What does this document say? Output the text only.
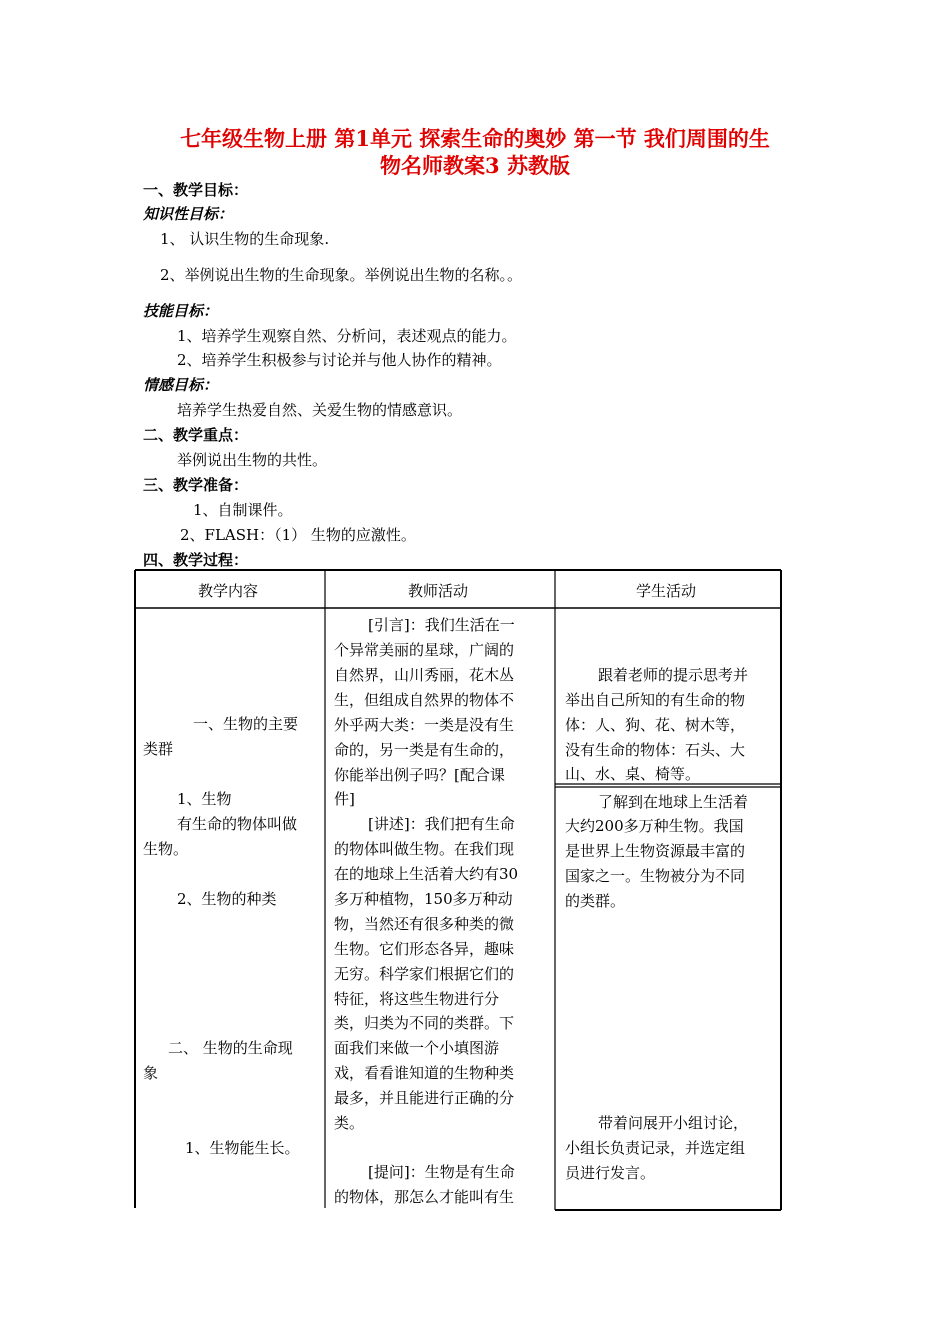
七年级生物上册 第1单元 探索生命的奥妙 第一节 我们周围的生
物名师教案3 苏教版
一、教学目标：
知识性目标：
1、 认识生物的生命现象.
2、举例说出生物的生命现象。举例说出生物的名称。。
技能目标：
1、培养学生观察自然、分析问，表述观点的能力。
2、培养学生积极参与讨论并与他人协作的精神。
情感目标：
培养学生热爱自然、关爱生物的情感意识。
二、教学重点：
举例说出生物的共性。
三、教学准备：
1、自制课件。
2、FLASH：（1） 生物的应激性。
四、教学过程：
教学内容	教师活动	学生活动
一、生物的主要
类群
1、生物
有生命的物体叫做
生物。
2、生物的种类
二、 生物的生命现
象
1、生物能生长。
[引言]：我们生活在一
个异常美丽的星球，广阔的
自然界，山川秀丽，花木丛
生，但组成自然界的物体不
外乎两大类：一类是没有生
命的，另一类是有生命的，
你能举出例子吗？[配合课
件]
[讲述]：我们把有生命
的物体叫做生物。在我们现
在的地球上生活着大约有30
多万种植物，150多万种动
物，当然还有很多种类的微
生物。它们形态各异，趣味
无穷。科学家们根据它们的
特征，将这些生物进行分
类，归类为不同的类群。下
面我们来做一个小填图游
戏，看看谁知道的生物种类
最多，并且能进行正确的分
类。
[提问]：生物是有生命
的物体，那怎么才能叫有生
跟着老师的提示思考并
举出自己所知的有生命的物
体：人、狗、花、树木等，
没有生命的物体：石头、大
山、水、桌、椅等。
了解到在地球上生活着
大约200多万种生物。我国
是世界上生物资源最丰富的
国家之一。生物被分为不同
的类群。
带着问展开小组讨论，
小组长负责记录，并选定组
员进行发言。
